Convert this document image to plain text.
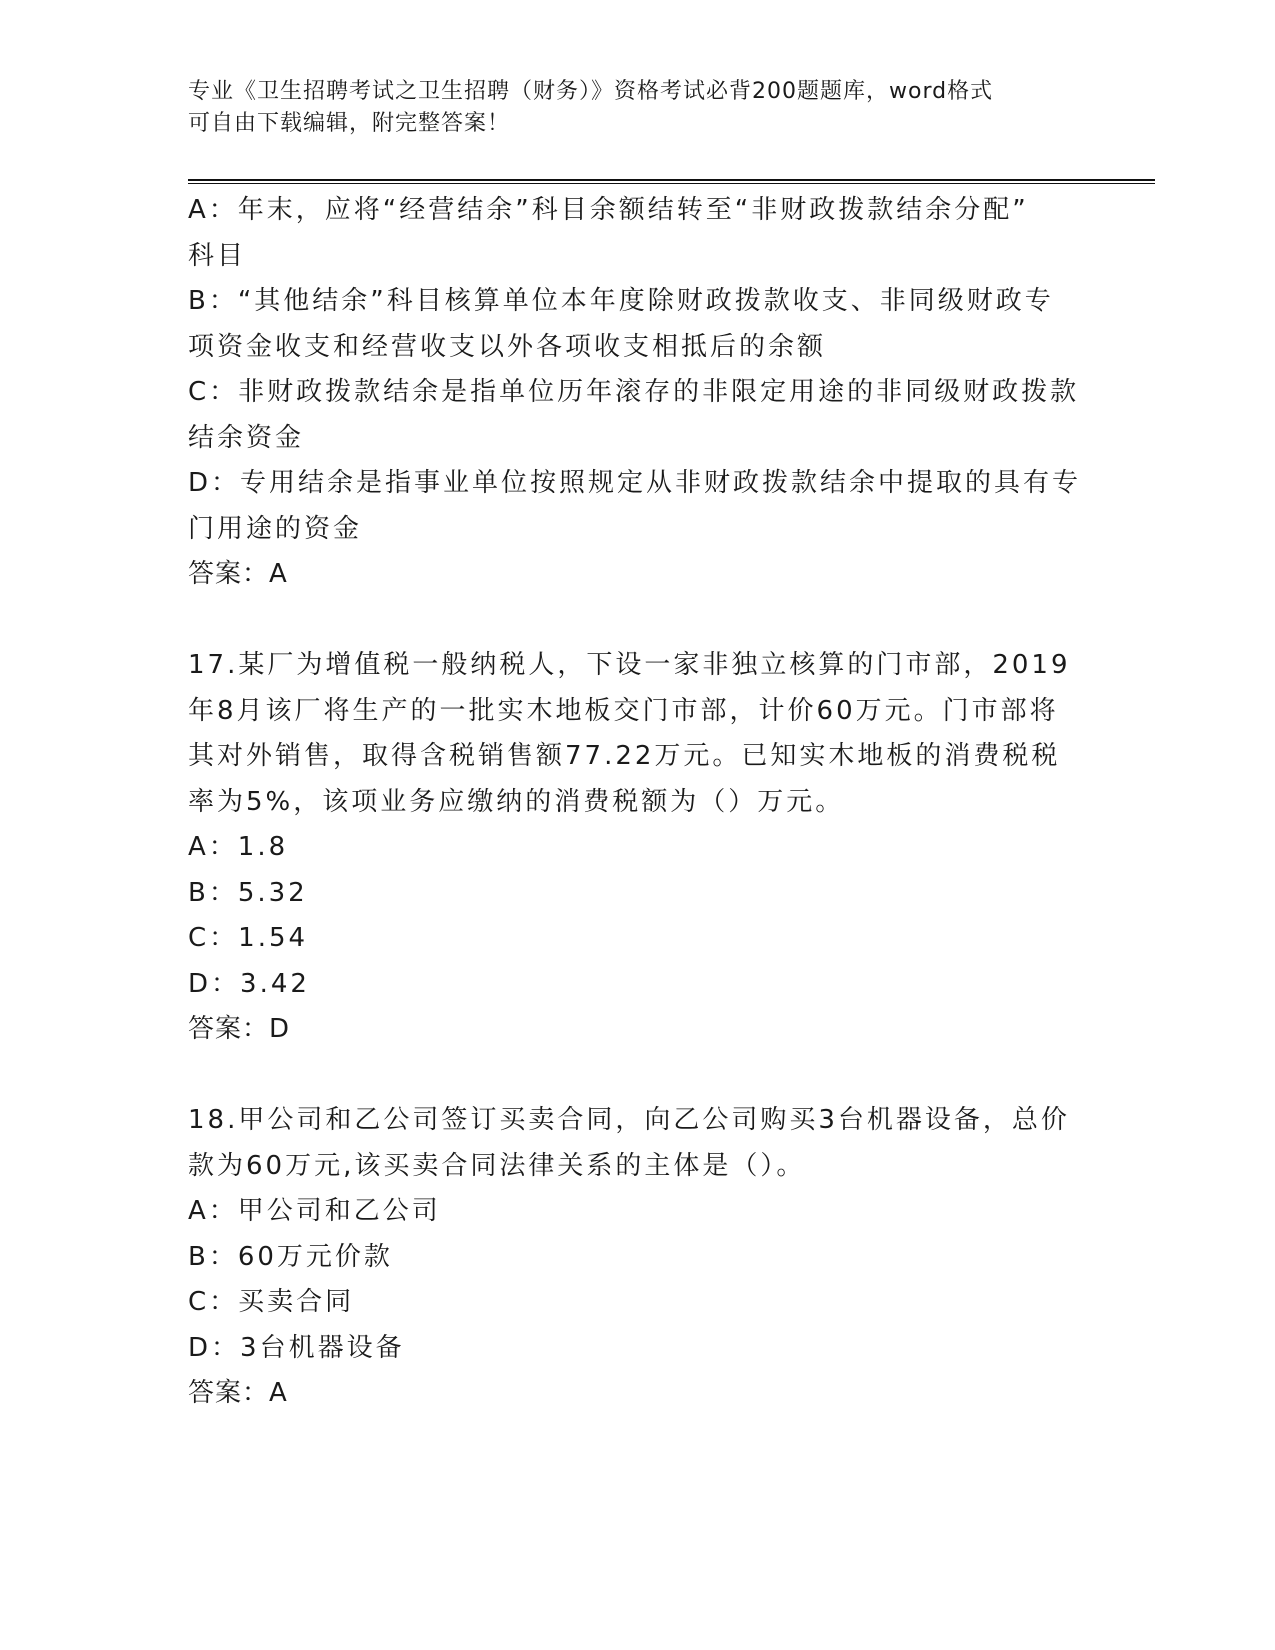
专业《卫生招聘考试之卫生招聘（财务）》资格考试必背200题题库，word格式
可自由下载编辑，附完整答案！
A：年末，应将“经营结余”科目余额结转至“非财政拨款结余分配”
科目
B：“其他结余”科目核算单位本年度除财政拨款收支、非同级财政专
项资金收支和经营收支以外各项收支相抵后的余额
C：非财政拨款结余是指单位历年滚存的非限定用途的非同级财政拨款
结余资金
D：专用结余是指事业单位按照规定从非财政拨款结余中提取的具有专
门用途的资金
答案：A
17.某厂为增值税一般纳税人，下设一家非独立核算的门市部，2019
年8月该厂将生产的一批实木地板交门市部，计价60万元。门市部将
其对外销售，取得含税销售额77.22万元。已知实木地板的消费税税
率为5%，该项业务应缴纳的消费税额为（）万元。
A：1.8
B：5.32
C：1.54
D：3.42
答案：D
18.甲公司和乙公司签订买卖合同，向乙公司购买3台机器设备，总价
款为60万元,该买卖合同法律关系的主体是（）。
A：甲公司和乙公司
B：60万元价款
C：买卖合同
D：3台机器设备
答案：A
